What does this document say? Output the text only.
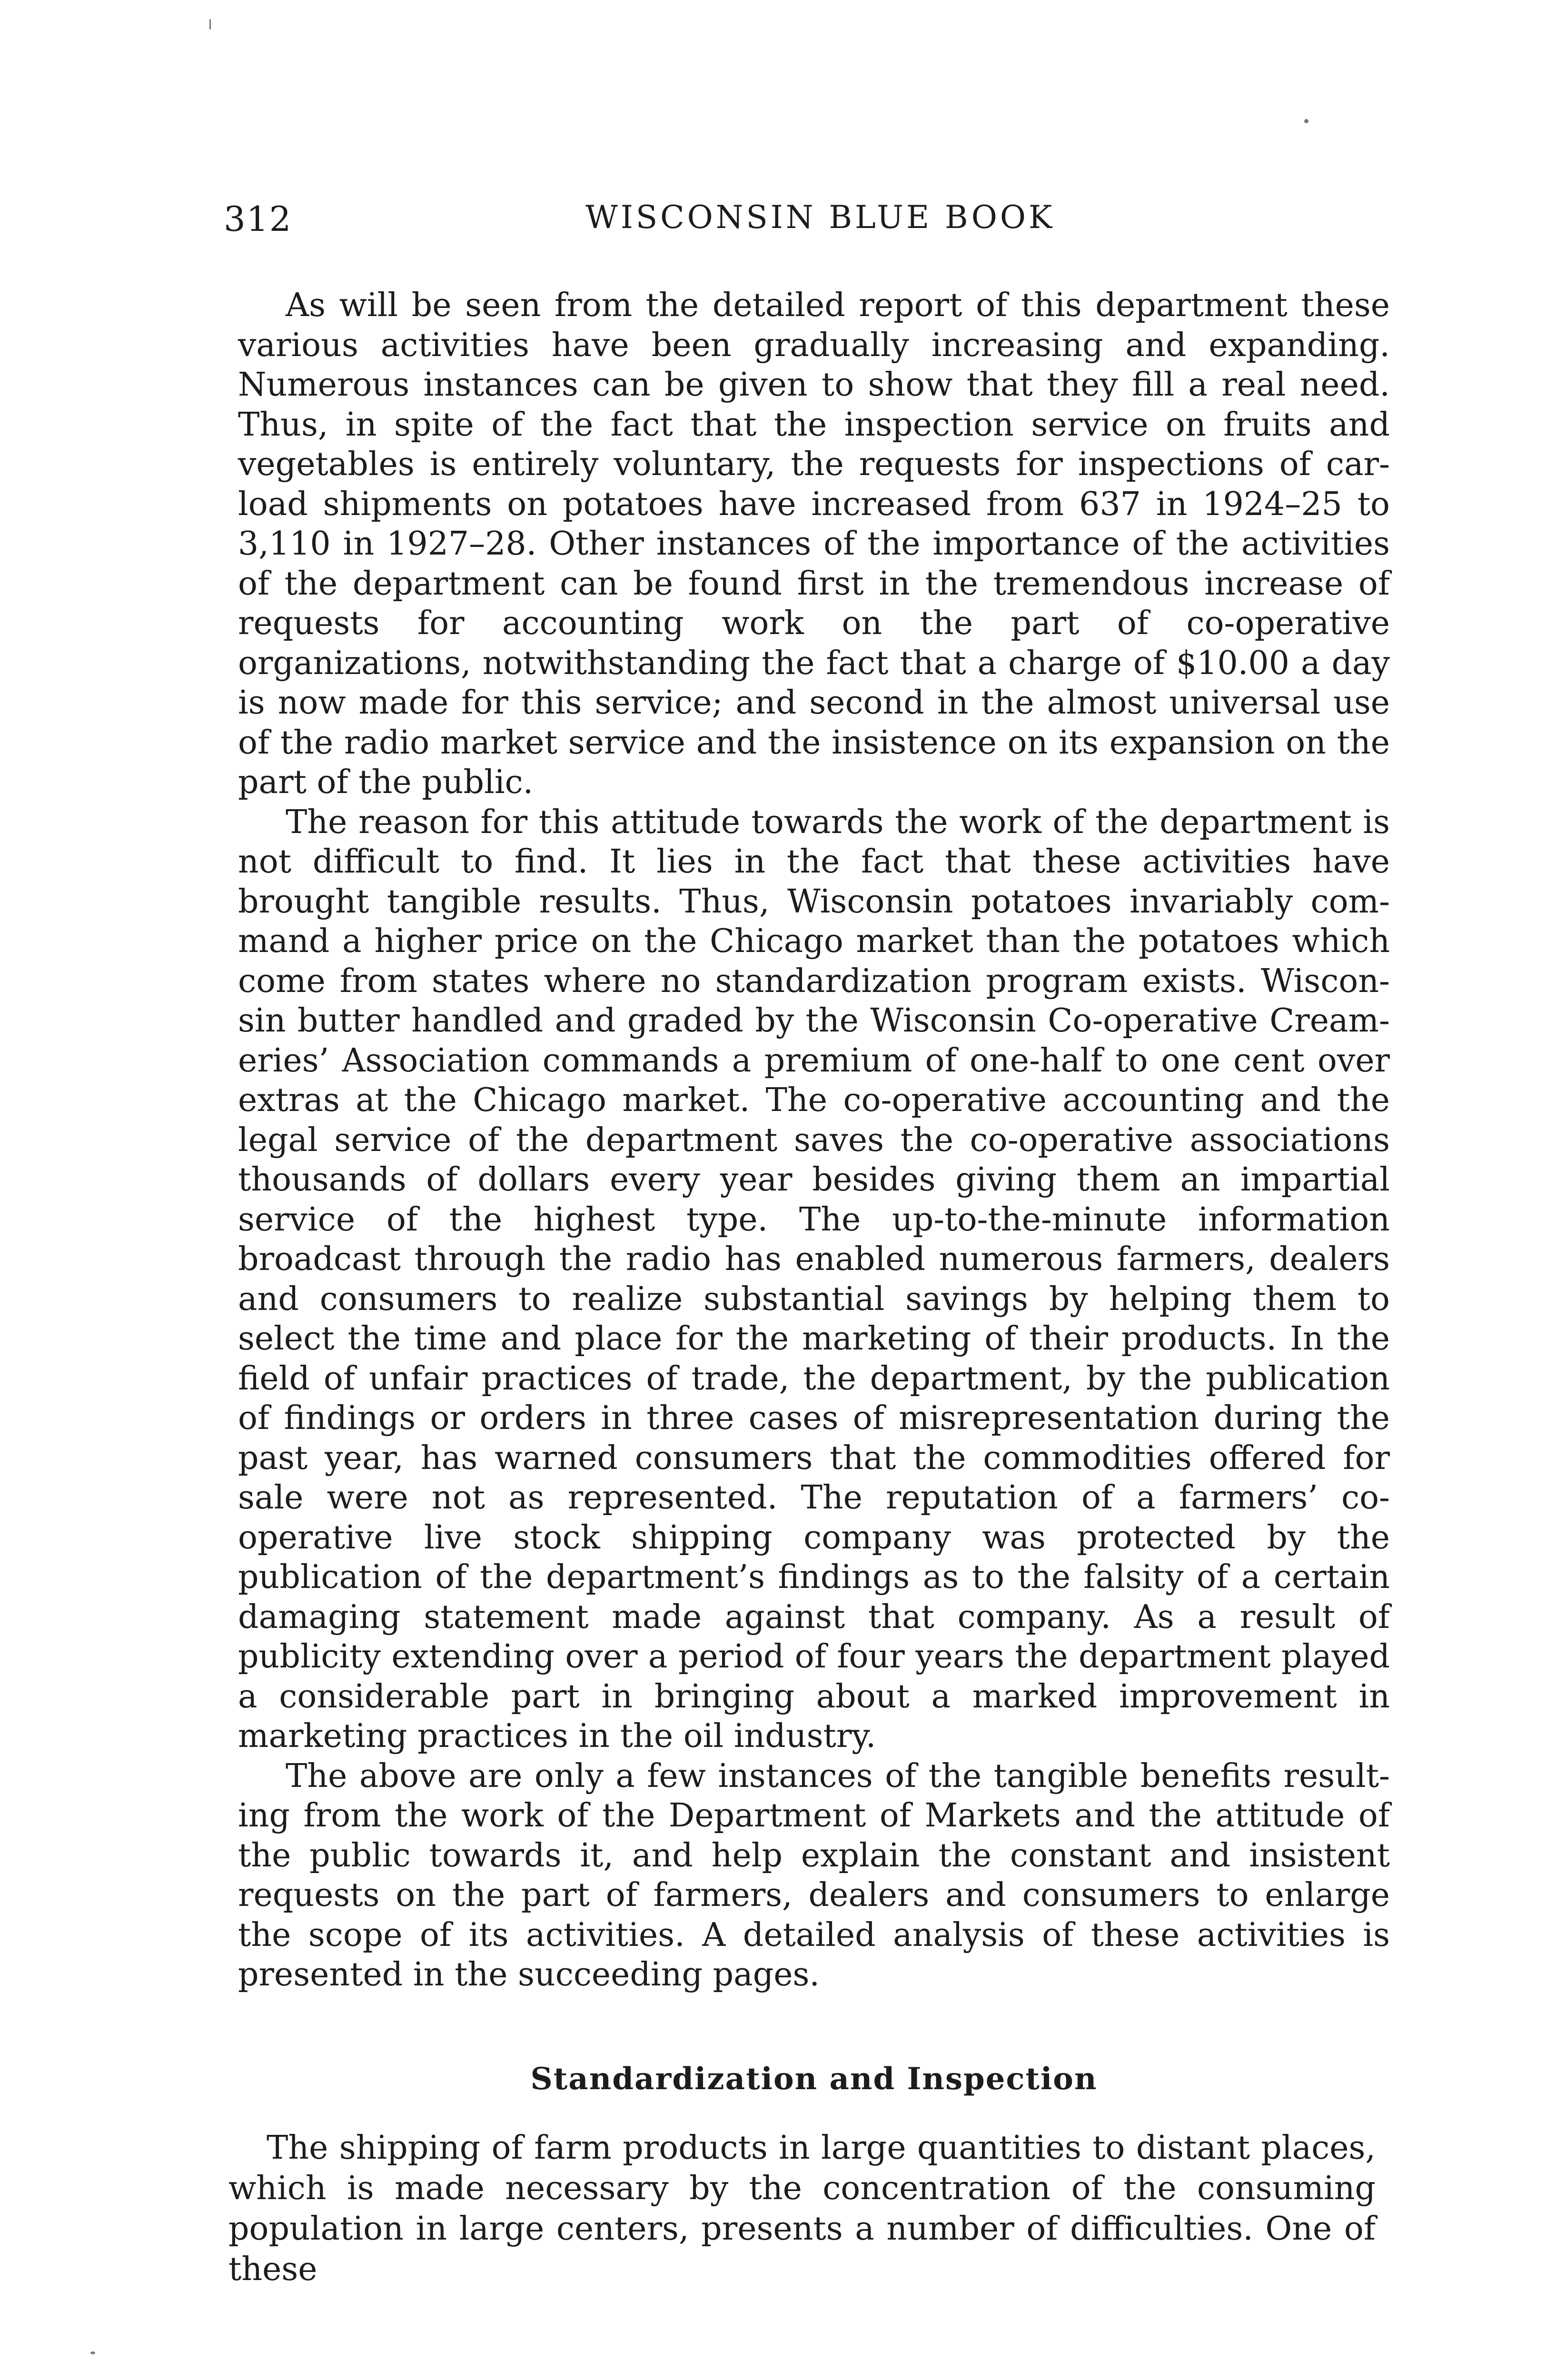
312	WISCONSIN BLUE BOOK

As will be seen from the detailed report of this department these various activities have been gradually increasing and expanding. Numerous instances can be given to show that they fill a real need. Thus, in spite of the fact that the inspection service on fruits and vegetables is entirely voluntary, the requests for inspections of carload shipments on potatoes have increased from 637 in 1924–25 to 3,110 in 1927–28. Other instances of the importance of the activities of the department can be found first in the tremendous increase of requests for accounting work on the part of co-operative organizations, notwithstanding the fact that a charge of $10.00 a day is now made for this service; and second in the almost universal use of the radio market service and the insistence on its expansion on the part of the public.

The reason for this attitude towards the work of the department is not difficult to find. It lies in the fact that these activities have brought tangible results. Thus, Wisconsin potatoes invariably command a higher price on the Chicago market than the potatoes which come from states where no standardization program exists. Wisconsin butter handled and graded by the Wisconsin Co-operative Creameries’ Association commands a premium of one-half to one cent over extras at the Chicago market. The co-operative accounting and the legal service of the department saves the co-operative associations thousands of dollars every year besides giving them an impartial service of the highest type. The up-to-the-minute information broadcast through the radio has enabled numerous farmers, dealers and consumers to realize substantial savings by helping them to select the time and place for the marketing of their products. In the field of unfair practices of trade, the department, by the publication of findings or orders in three cases of misrepresentation during the past year, has warned consumers that the commodities offered for sale were not as represented. The reputation of a farmers’ co-operative live stock shipping company was protected by the publication of the department’s findings as to the falsity of a certain damaging statement made against that company. As a result of publicity extending over a period of four years the department played a considerable part in bringing about a marked improvement in marketing practices in the oil industry.

The above are only a few instances of the tangible benefits resulting from the work of the Department of Markets and the attitude of the public towards it, and help explain the constant and insistent requests on the part of farmers, dealers and consumers to enlarge the scope of its activities. A detailed analysis of these activities is presented in the succeeding pages.

Standardization and Inspection

The shipping of farm products in large quantities to distant places, which is made necessary by the concentration of the consuming population in large centers, presents a number of difficulties. One of these
